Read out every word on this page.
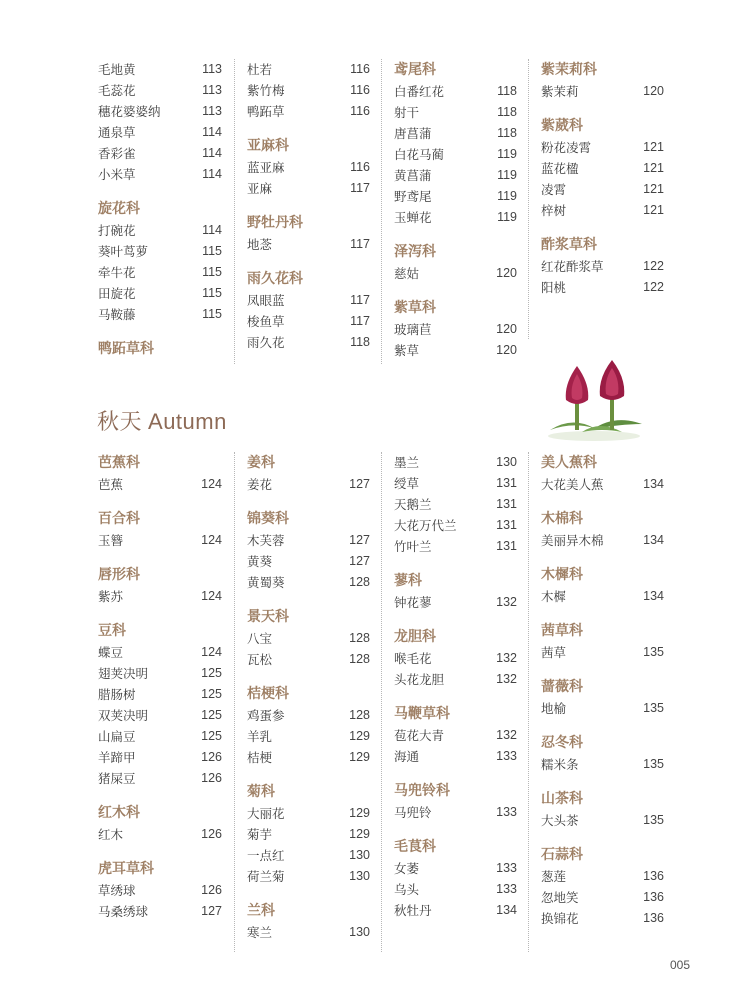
毛地黄	113
毛蕊花	113
穗花婆婆纳	113
通泉草	114
香彩雀	114
小米草	114
旋花科
打碗花	114
葵叶茑萝	115
牵牛花	115
田旋花	115
马鞍藤	115
鸭跖草科
杜若	116
紫竹梅	116
鸭跖草	116
亚麻科
蓝亚麻	116
亚麻	117
野牡丹科
地菍	117
雨久花科
凤眼蓝	117
梭鱼草	117
雨久花	118
鸢尾科
白番红花	118
射干	118
唐菖蒲	118
白花马蔺	119
黄菖蒲	119
野鸢尾	119
玉蝉花	119
泽泻科
慈姑	120
紫草科
玻璃苣	120
紫草	120
紫茉莉科
紫茉莉	120
紫葳科
粉花凌霄	121
蓝花楹	121
凌霄	121
梓树	121
酢浆草科
红花酢浆草	122
阳桃	122
秋天 Autumn
芭蕉科
芭蕉	124
百合科
玉簪	124
唇形科
紫苏	124
豆科
蝶豆	124
翅荚决明	125
腊肠树	125
双荚决明	125
山扁豆	125
羊蹄甲	126
猪屎豆	126
红木科
红木	126
虎耳草科
草绣球	126
马桑绣球	127
姜科
姜花	127
锦葵科
木芙蓉	127
黄葵	127
黄蜀葵	128
景天科
八宝	128
瓦松	128
桔梗科
鸡蛋参	128
羊乳	129
桔梗	129
菊科
大丽花	129
菊芋	129
一点红	130
荷兰菊	130
兰科
寒兰	130
墨兰	130
绶草	131
天鹅兰	131
大花万代兰	131
竹叶兰	131
蓼科
钟花蓼	132
龙胆科
喉毛花	132
头花龙胆	132
马鞭草科
苞花大青	132
海通	133
马兜铃科
马兜铃	133
毛茛科
女萎	133
乌头	133
秋牡丹	134
美人蕉科
大花美人蕉	134
木棉科
美丽异木棉	134
木樨科
木樨	134
茜草科
茜草	135
蔷薇科
地榆	135
忍冬科
糯米条	135
山茶科
大头茶	135
石蒜科
葱莲	136
忽地笑	136
换锦花	136
005
